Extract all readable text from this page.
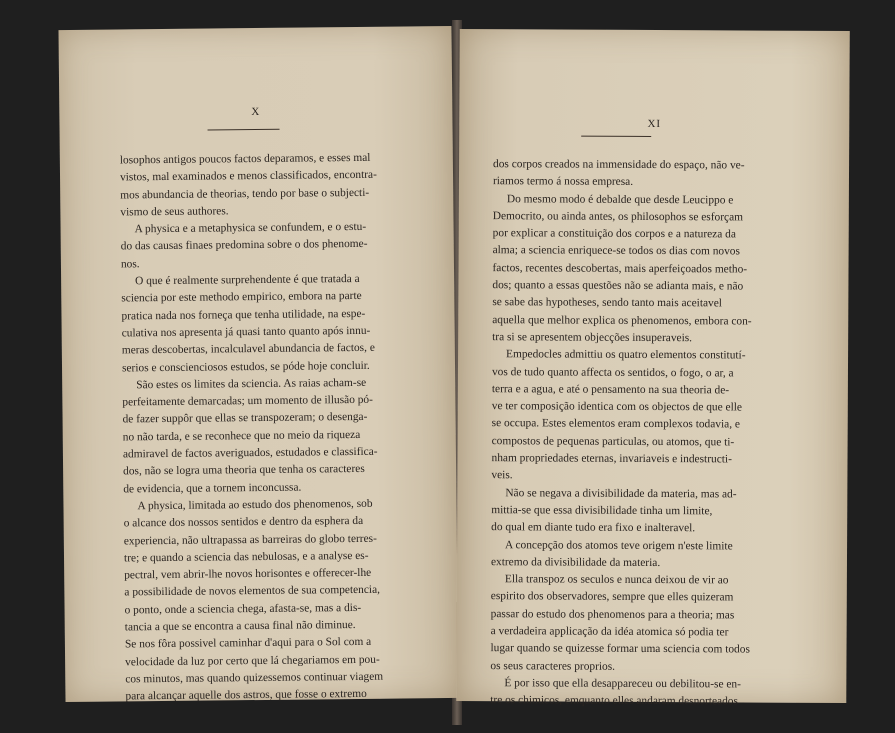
X

losophos antigos poucos factos deparamos, e esses mal

vistos, mal examinados e menos classificados, encontra-

mos abundancia de theorias, tendo por base o subjecti-

vismo de seus authores.

A physica e a metaphysica se confundem, e o estu-

do das causas finaes predomina sobre o dos phenome-

nos.

O que é realmente surprehendente é que tratada a

sciencia por este methodo empirico, embora na parte

pratica nada nos forneça que tenha utilidade, na espe-

culativa nos apresenta já quasi tanto quanto após innu-

meras descobertas, incalculavel abundancia de factos, e

serios e conscienciosos estudos, se póde hoje concluir.

São estes os limites da sciencia. As raias acham-se

perfeitamente demarcadas; um momento de illusão pó-

de fazer suppôr que ellas se transpozeram; o desenga-

no não tarda, e se reconhece que no meio da riqueza

admiravel de factos averiguados, estudados e classifica-

dos, não se logra uma theoria que tenha os caracteres

de evidencia, que a tornem inconcussa.

A physica, limitada ao estudo dos phenomenos, sob

o alcance dos nossos sentidos e dentro da esphera da

experiencia, não ultrapassa as barreiras do globo terres-

tre; e quando a sciencia das nebulosas, e a analyse es-

pectral, vem abrir-lhe novos horisontes e offerecer-lhe

a possibilidade de novos elementos de sua competencia,

o ponto, onde a sciencia chega, afasta-se, mas a dis-

tancia a que se encontra a causa final não diminue.

Se nos fôra possivel caminhar d'aqui para o Sol com a

velocidade da luz por certo que lá chegariamos em pou-

cos minutos, mas quando quizessemos continuar viagem

para alcançar aquelle dos astros, que fosse o extremo

XI

dos corpos creados na immensidade do espaço, não ve-

riamos termo á nossa empresa.

Do mesmo modo é debalde que desde Leucippo e

Democrito, ou ainda antes, os philosophos se esforçam

por explicar a constituição dos corpos e a natureza da

alma; a sciencia enriquece-se todos os dias com novos

factos, recentes descobertas, mais aperfeiçoados metho-

dos; quanto a essas questões não se adianta mais, e não

se sabe das hypotheses, sendo tanto mais aceitavel

aquella que melhor explica os phenomenos, embora con-

tra si se apresentem objecções insuperaveis.

Empedocles admittiu os quatro elementos constitutí-

vos de tudo quanto affecta os sentidos, o fogo, o ar, a

terra e a agua, e até o pensamento na sua theoria de-

ve ter composição identica com os objectos de que elle

se occupa. Estes elementos eram complexos todavia, e

compostos de pequenas particulas, ou atomos, que ti-

nham propriedades eternas, invariaveis e indestructi-

veis.

Não se negava a divisibilidade da materia, mas ad-

mittia-se que essa divisibilidade tinha um limite,

do qual em diante tudo era fixo e inalteravel.

A concepção dos atomos teve origem n'este limite

extremo da divisibilidade da materia.

Ella transpoz os seculos e nunca deixou de vir ao

espirito dos observadores, sempre que elles quizeram

passar do estudo dos phenomenos para a theoria; mas

a verdadeira applicação da idéa atomica só podia ter

lugar quando se quizesse formar uma sciencia com todos

os seus caracteres proprios.

É por isso que ella desappareceu ou debilitou-se en-

tre os chimicos, emquanto elles andaram desnorteados
